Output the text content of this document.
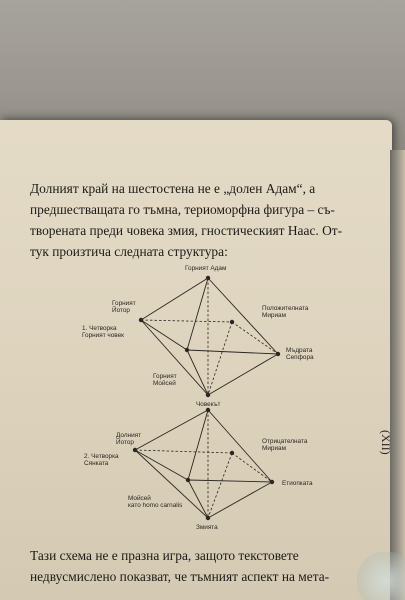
Долният край на шестостена не е „долен Адам“, а
предшестващата го тъмна, териоморфна фигура – съ-
творената преди човека змия, гностическият Наас. От-
тук произтича следната структура:
Горният Адам
Горният Йотор
1. Четворка Горният човек
Положителната Мириам
Горният Мойсей
Мъдрата Сепфора
Човекът
Долният Йотор
2. Четворка Сянката
Отрицателната Мириам
Мойсей като homo carnalis
Етиопката
Змията
Тази схема не е празна игра, защото текстовете
недвусмислено показват, че тъмният аспект на мета-
(XII)
